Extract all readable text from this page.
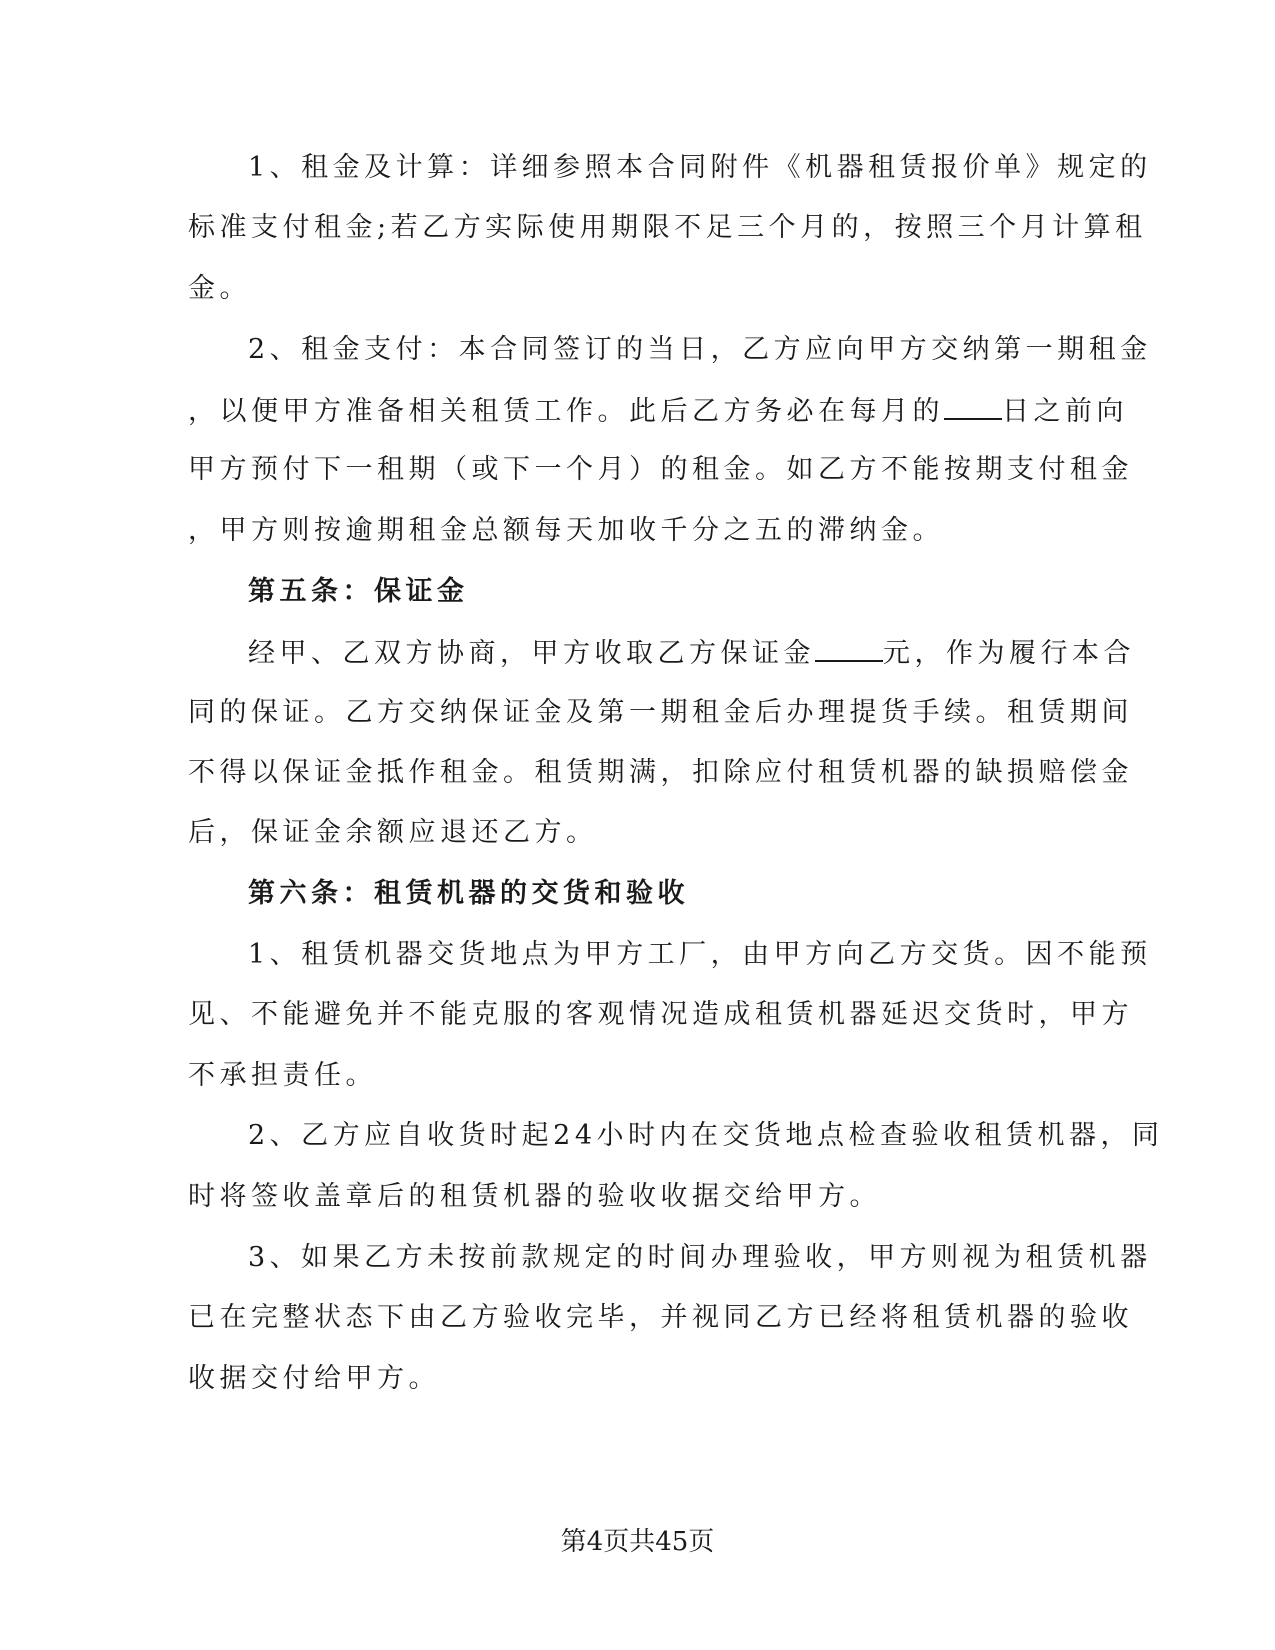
1、租金及计算：详细参照本合同附件《机器租赁报价单》规定的
标准支付租金;若乙方实际使用期限不足三个月的，按照三个月计算租
金。
2、租金支付：本合同签订的当日，乙方应向甲方交纳第一期租金
，以便甲方准备相关租赁工作。此后乙方务必在每月的 日之前向
甲方预付下一租期（或下一个月）的租金。如乙方不能按期支付租金
，甲方则按逾期租金总额每天加收千分之五的滞纳金。
第五条：保证金
经甲、乙双方协商，甲方收取乙方保证金	元，作为履行本合
同的保证。乙方交纳保证金及第一期租金后办理提货手续。租赁期间
不得以保证金抵作租金。租赁期满，扣除应付租赁机器的缺损赔偿金
后，保证金余额应退还乙方。
第六条：租赁机器的交货和验收
1、租赁机器交货地点为甲方工厂，由甲方向乙方交货。因不能预
见、不能避免并不能克服的客观情况造成租赁机器延迟交货时，甲方
不承担责任。
2、乙方应自收货时起24小时内在交货地点检查验收租赁机器，同
时将签收盖章后的租赁机器的验收收据交给甲方。
3、如果乙方未按前款规定的时间办理验收，甲方则视为租赁机器
已在完整状态下由乙方验收完毕，并视同乙方已经将租赁机器的验收
收据交付给甲方。
第4页共45页
